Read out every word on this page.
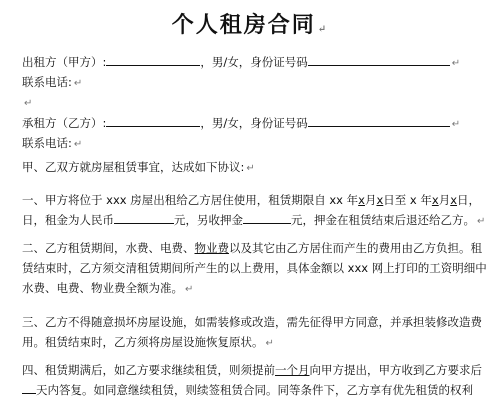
个人租房合同 ↵
出租方（甲方）:	，男/女，身份证号码	↵
联系电话: ↵
↵
承租方（乙方）:	，男/女，身份证号码	↵
联系电话: ↵
甲、乙双方就房屋租赁事宜，达成如下协议: ↵
一、甲方将位于 xxx 房屋出租给乙方居住使用，租赁期限自 xx 年x月x日至 x 年x月x日，
日，租金为人民币	元，另收押金	元，押金在租赁结束后退还给乙方。 ↵
二、乙方租赁期间，水费、电费、物业费以及其它由乙方居住而产生的费用由乙方负担。租
赁结束时，乙方须交清租赁期间所产生的以上费用，具体金额以 xxx 网上打印的工资明细中
水费、电费、物业费全额为准。 ↵
三、乙方不得随意损坏房屋设施，如需装修或改造，需先征得甲方同意，并承担装修改造费
用。租赁结束时，乙方须将房屋设施恢复原状。 ↵
四、租赁期满后，如乙方要求继续租赁，则须提前一个月向甲方提出，甲方收到乙方要求后
天内答复。如同意继续租赁，则续签租赁合同。同等条件下，乙方享有优先租赁的权利
